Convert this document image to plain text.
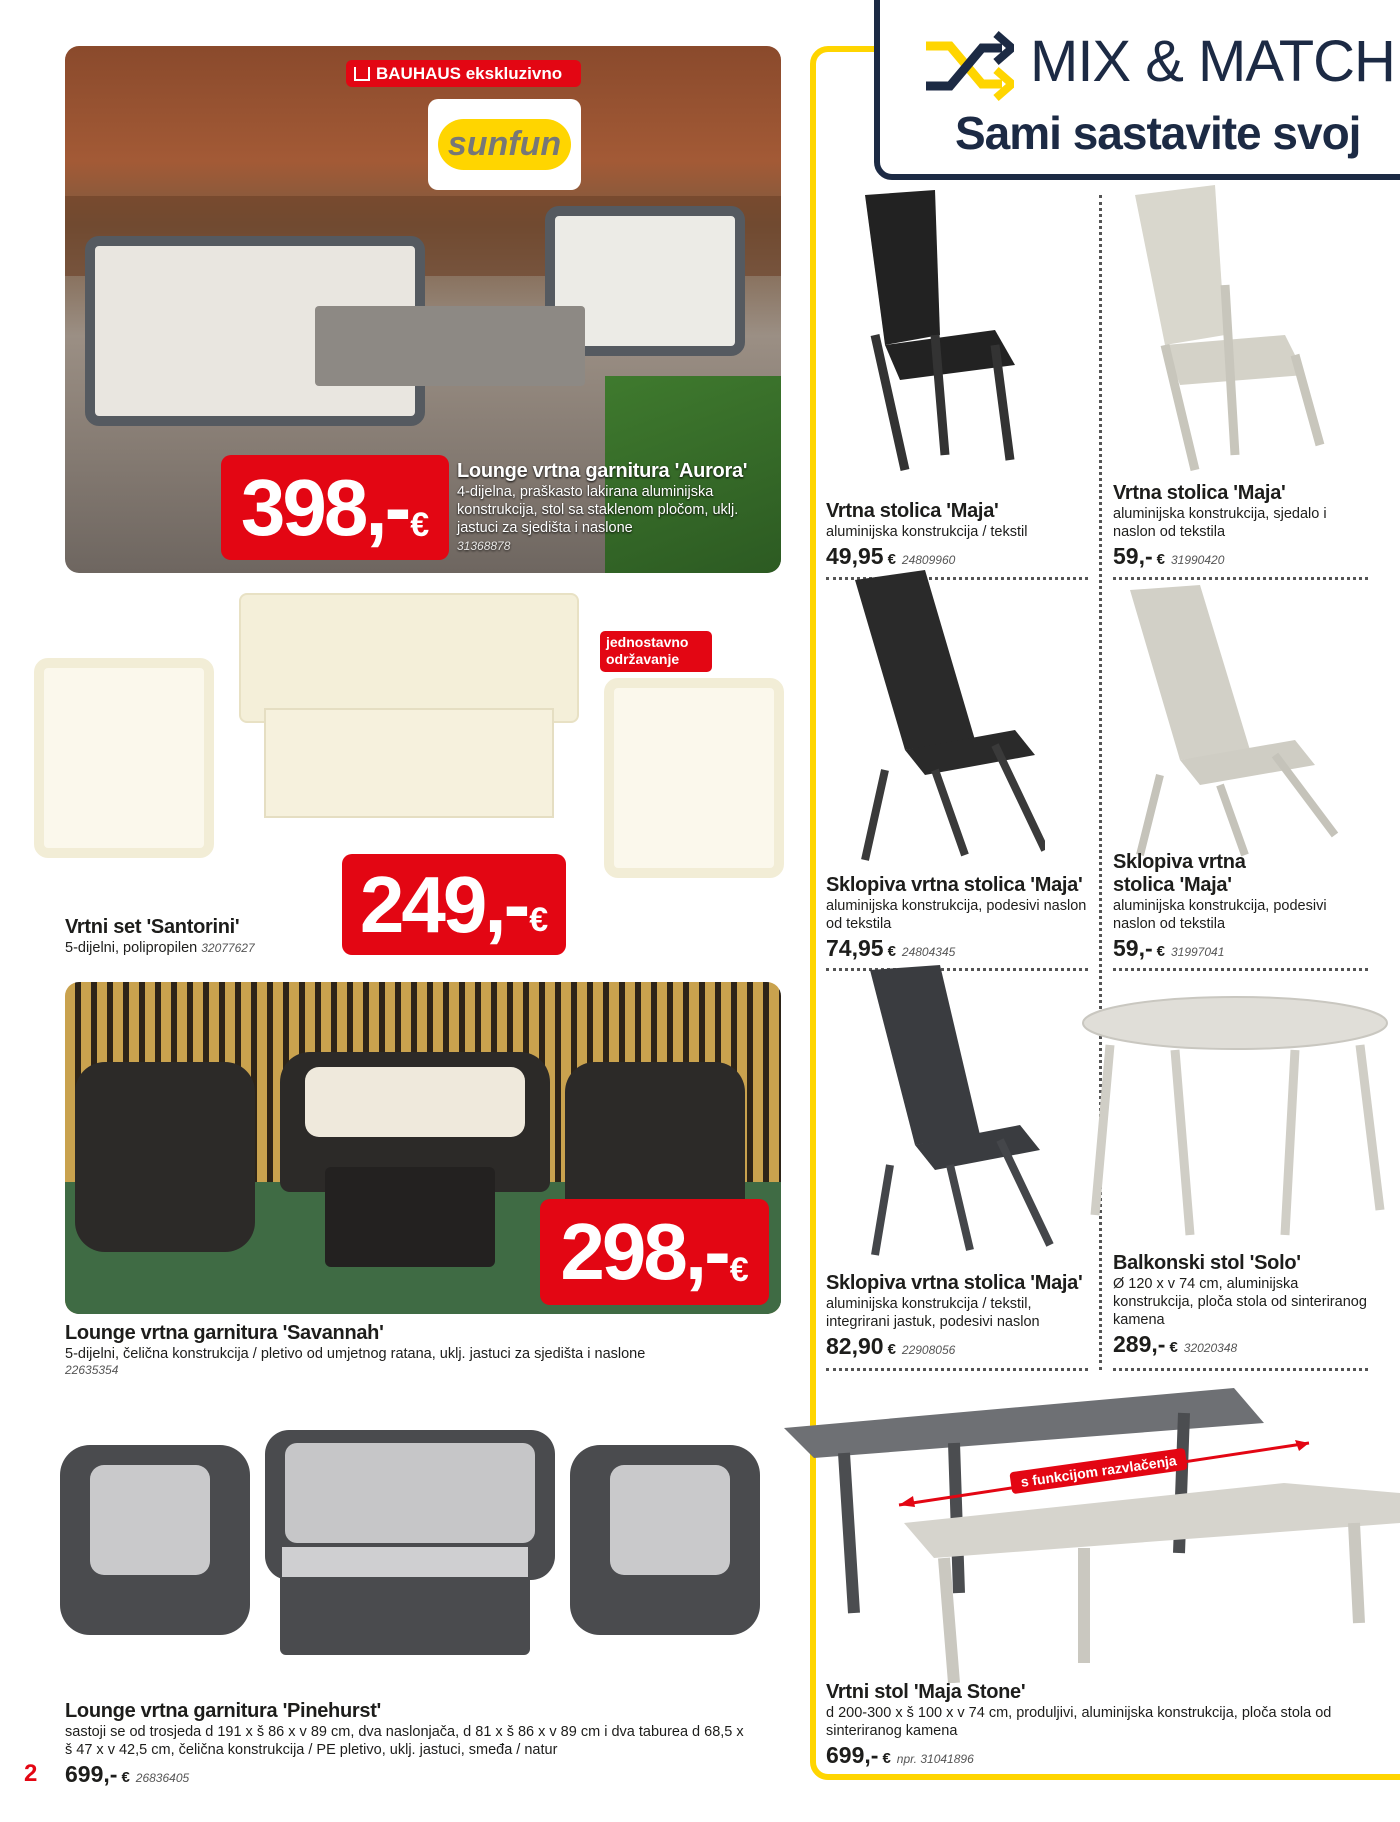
BAUHAUS ekskluzivno
sunfun
398,- €
Lounge vrtna garnitura 'Aurora'
4-dijelna, praškasto lakirana aluminijska konstrukcija, stol sa staklenom pločom, uklj. jastuci za sjedišta i naslone
31368878
jednostavno održavanje
249,- €
Vrtni set 'Santorini'
5-dijelni, polipropilen 32077627
298,- €
Lounge vrtna garnitura 'Savannah'
5-dijelni, čelična konstrukcija / pletivo od umjetnog ratana, uklj. jastuci za sjedišta i naslone
22635354
Lounge vrtna garnitura 'Pinehurst'
sastoji se od trosjeda d 191 x š 86 x v 89 cm, dva naslonjača, d 81 x š 86 x v 89 cm i dva taburea d 68,5 x š 47 x v 42,5 cm, čelična konstrukcija / PE pletivo, uklj. jastuci, smeđa / natur
699,- € 26836405
2
MIX & MATCH
Sami sastavite svoj
Vrtna stolica 'Maja'
aluminijska konstrukcija / tekstil
49,95 € 24809960
Vrtna stolica 'Maja'
aluminijska konstrukcija, sjedalo i naslon od tekstila
59,- € 31990420
Sklopiva vrtna stolica 'Maja'
aluminijska konstrukcija, podesivi naslon od tekstila
74,95 € 24804345
Sklopiva vrtna stolica 'Maja'
aluminijska konstrukcija, podesivi naslon od tekstila
59,- € 31997041
Sklopiva vrtna stolica 'Maja'
aluminijska konstrukcija / tekstil, integrirani jastuk, podesivi naslon
82,90 € 22908056
Balkonski stol 'Solo'
Ø 120 x v 74 cm, aluminijska konstrukcija, ploča stola od sinteriranog kamena
289,- € 32020348
s funkcijom razvlačenja
Vrtni stol 'Maja Stone'
d 200-300 x š 100 x v 74 cm, produljivi, aluminijska konstrukcija, ploča stola od sinteriranog kamena
699,- € npr. 31041896
